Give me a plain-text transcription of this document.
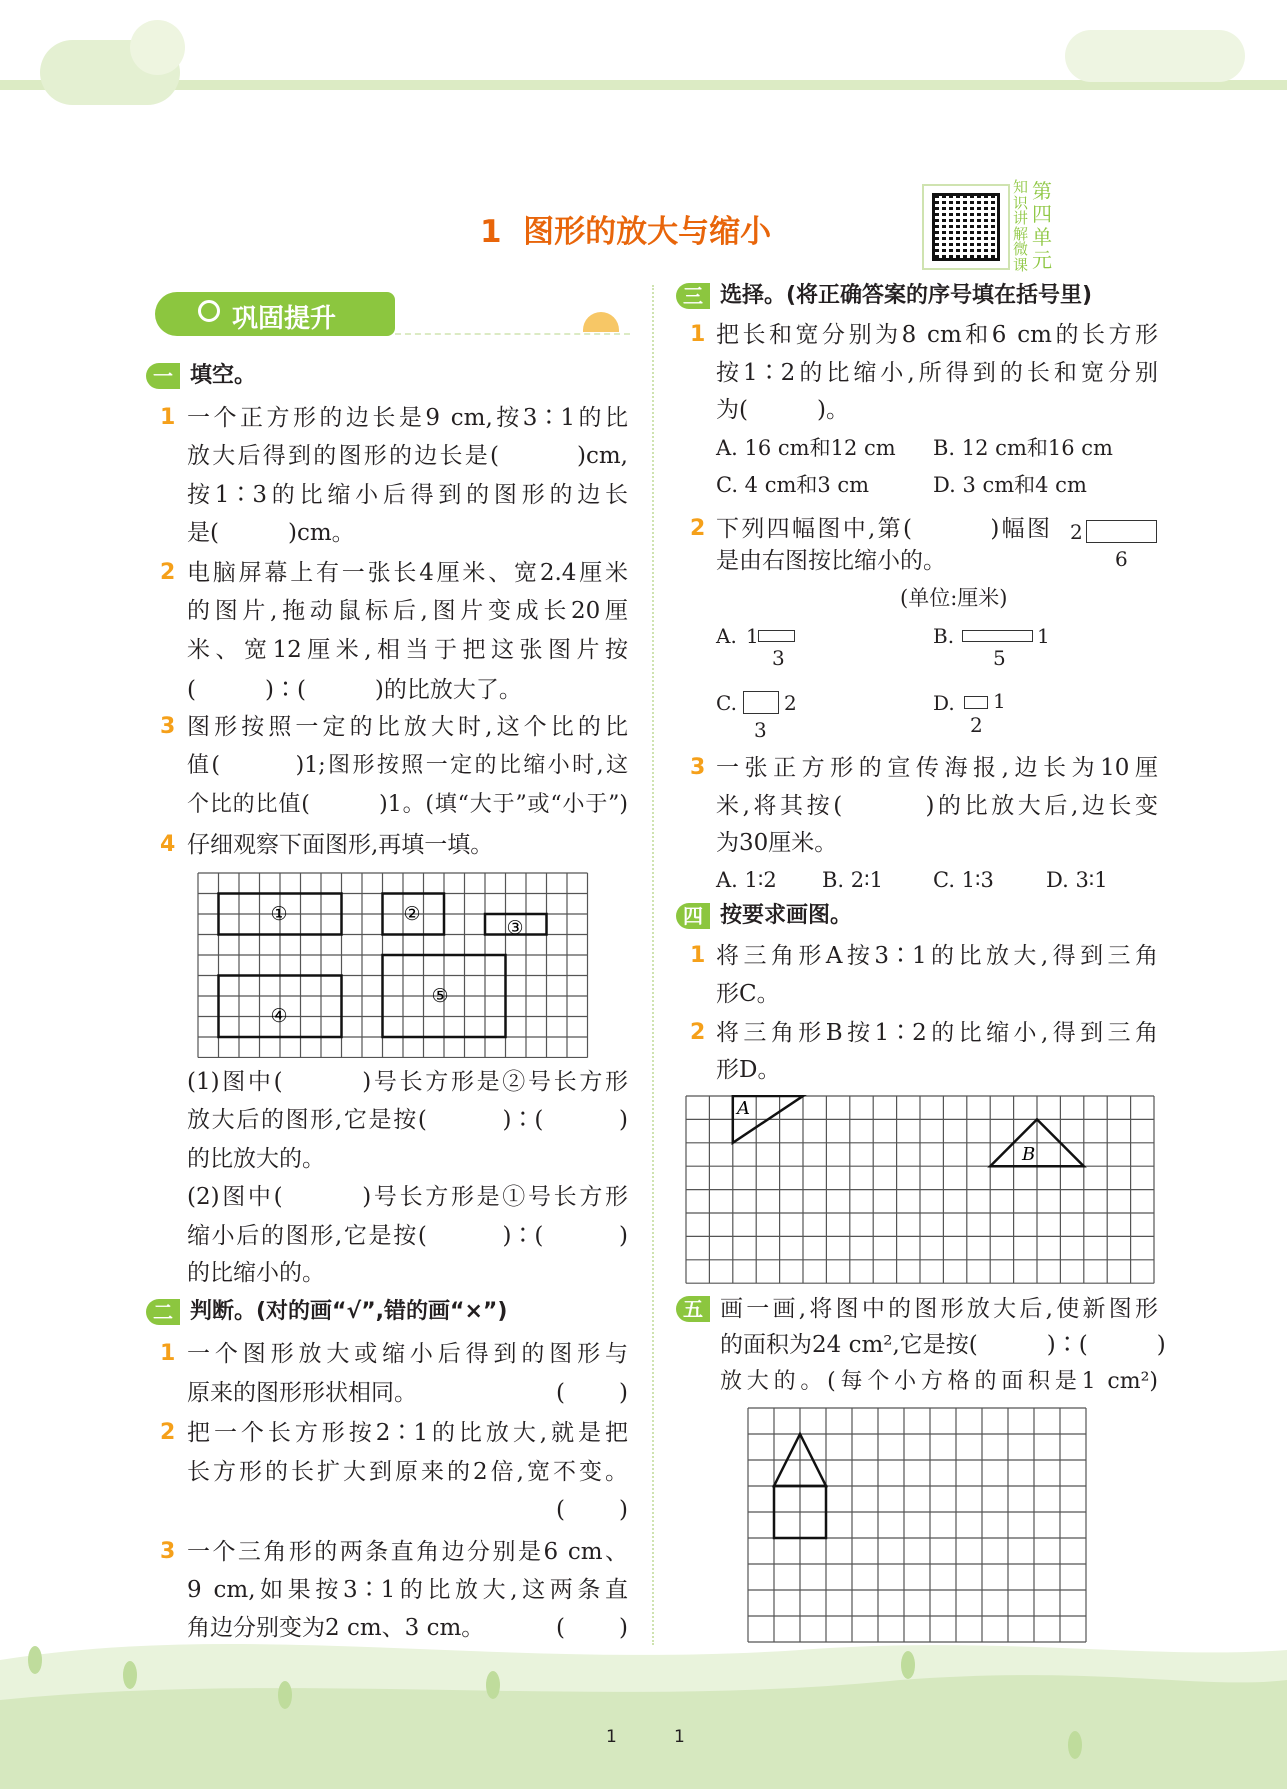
1  图形的放大与缩小
知识讲解微课
第四单元
巩固提升
一 填空。
1 一个正方形的边长是9 cm,按3∶1的比
放大后得到的图形的边长是(　　　)cm,
按1∶3的比缩小后得到的图形的边长
是(　　　)cm。
2 电脑屏幕上有一张长4厘米、宽2.4厘米
的图片,拖动鼠标后,图片变成长20厘
米、宽12厘米,相当于把这张图片按
(　　　)∶(　　　)的比放大了。
3 图形按照一定的比放大时,这个比的比
值(　　　)1;图形按照一定的比缩小时,这
个比的比值(　　　)1。(填“大于”或“小于”)
4 仔细观察下面图形,再填一填。
①	②
③
④
⑤
(1)图中(　　　)号长方形是②号长方形
放大后的图形,它是按(　　　)∶(　　　)
的比放大的。
(2)图中(　　　)号长方形是①号长方形
缩小后的图形,它是按(　　　)∶(　　　)
的比缩小的。
二 判断。(对的画“√”,错的画“×”)
1 一个图形放大或缩小后得到的图形与
原来的图形形状相同。	( )
2 把一个长方形按2∶1的比放大,就是把
长方形的长扩大到原来的2倍,宽不变。
( )
3 一个三角形的两条直角边分别是6 cm、
9 cm,如果按3∶1的比放大,这两条直
角边分别变为2 cm、3 cm。	( )
三 选择。(将正确答案的序号填在括号里)
1 把长和宽分别为8 cm和6 cm的长方形
按1∶2的比缩小,所得到的长和宽分别
为(　　　)。
A. 16 cm和12 cm B. 12 cm和16 cm
C. 4 cm和3 cm	D. 3 cm和4 cm
2 下列四幅图中,第(　　　)幅图
是由右图按比缩小的。
2
6
(单位:厘米)
A. 1
3
B.	1
5
C. 2
3
D. 1
2
3 一张正方形的宣传海报,边长为10厘
米,将其按(　　　)的比放大后,边长变
为30厘米。
A. 1∶2 B. 2∶1 C. 1∶3 D. 3∶1
四 按要求画图。
1 将三角形A按3∶1的比放大,得到三角
形C。
2 将三角形B按1∶2的比缩小,得到三角
形D。
A
B
五 画一画,将图中的图形放大后,使新图形
的面积为24 cm²,它是按(　　　)∶(　　　)
放大的。(每个小方格的面积是1 cm²)
1	1
